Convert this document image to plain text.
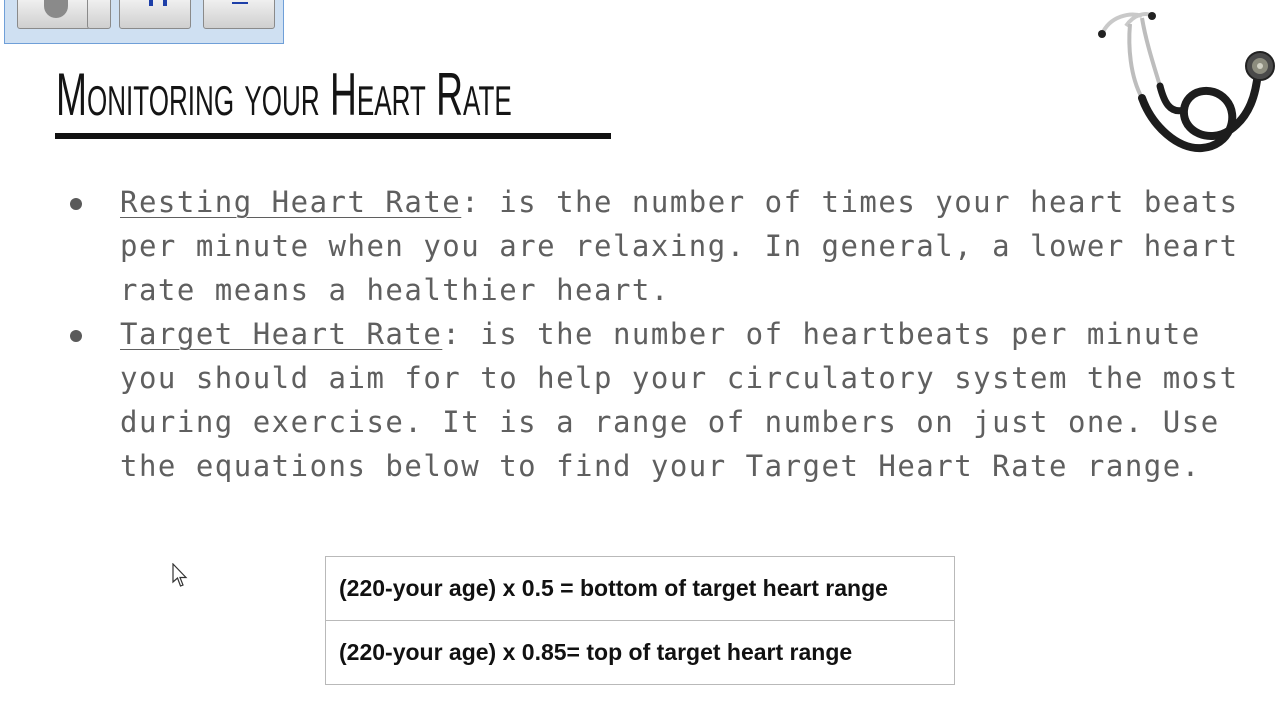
Monitoring your Heart Rate
Resting Heart Rate: is the number of times your heart beats per minute when you are relaxing. In general, a lower heart rate means a healthier heart.
Target Heart Rate: is the number of heartbeats per minute you should aim for to help your circulatory system the most during exercise. It is a range of numbers on just one. Use the equations below to find your Target Heart Rate range.
(220-your age) x 0.5 = bottom of target heart range
(220-your age) x 0.85= top of target heart range
